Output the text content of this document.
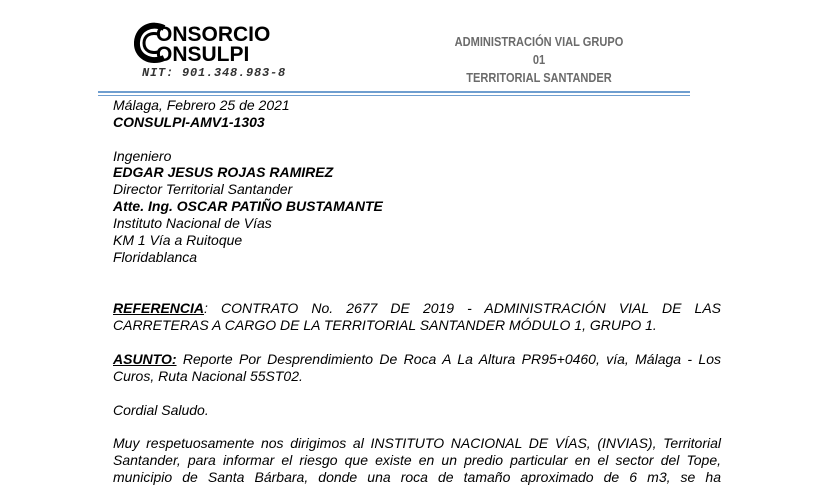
ONSORCIO
ONSULPI
NIT: 901.348.983-8
ADMINISTRACIÓN VIAL GRUPO 01
TERRITORIAL SANTANDER
Málaga, Febrero 25 de 2021
CONSULPI-AMV1-1303
Ingeniero
EDGAR JESUS ROJAS RAMIREZ
Director Territorial Santander
Atte. Ing. OSCAR PATIÑO BUSTAMANTE
Instituto Nacional de Vías
KM 1 Vía a Ruitoque
Floridablanca
REFERENCIA: CONTRATO No. 2677 DE 2019 - ADMINISTRACIÓN VIAL DE LAS
CARRETERAS A CARGO DE LA TERRITORIAL SANTANDER MÓDULO 1, GRUPO 1.
ASUNTO: Reporte Por Desprendimiento De Roca A La Altura PR95+0460, vía, Málaga - Los
Curos, Ruta Nacional 55ST02.
Cordial Saludo.
Muy respetuosamente nos dirigimos al INSTITUTO NACIONAL DE VÍAS, (INVIAS), Territorial
Santander, para informar el riesgo que existe en un predio particular en el sector del Tope,
municipio de Santa Bárbara, donde una roca de tamaño aproximado de 6 m3, se ha
